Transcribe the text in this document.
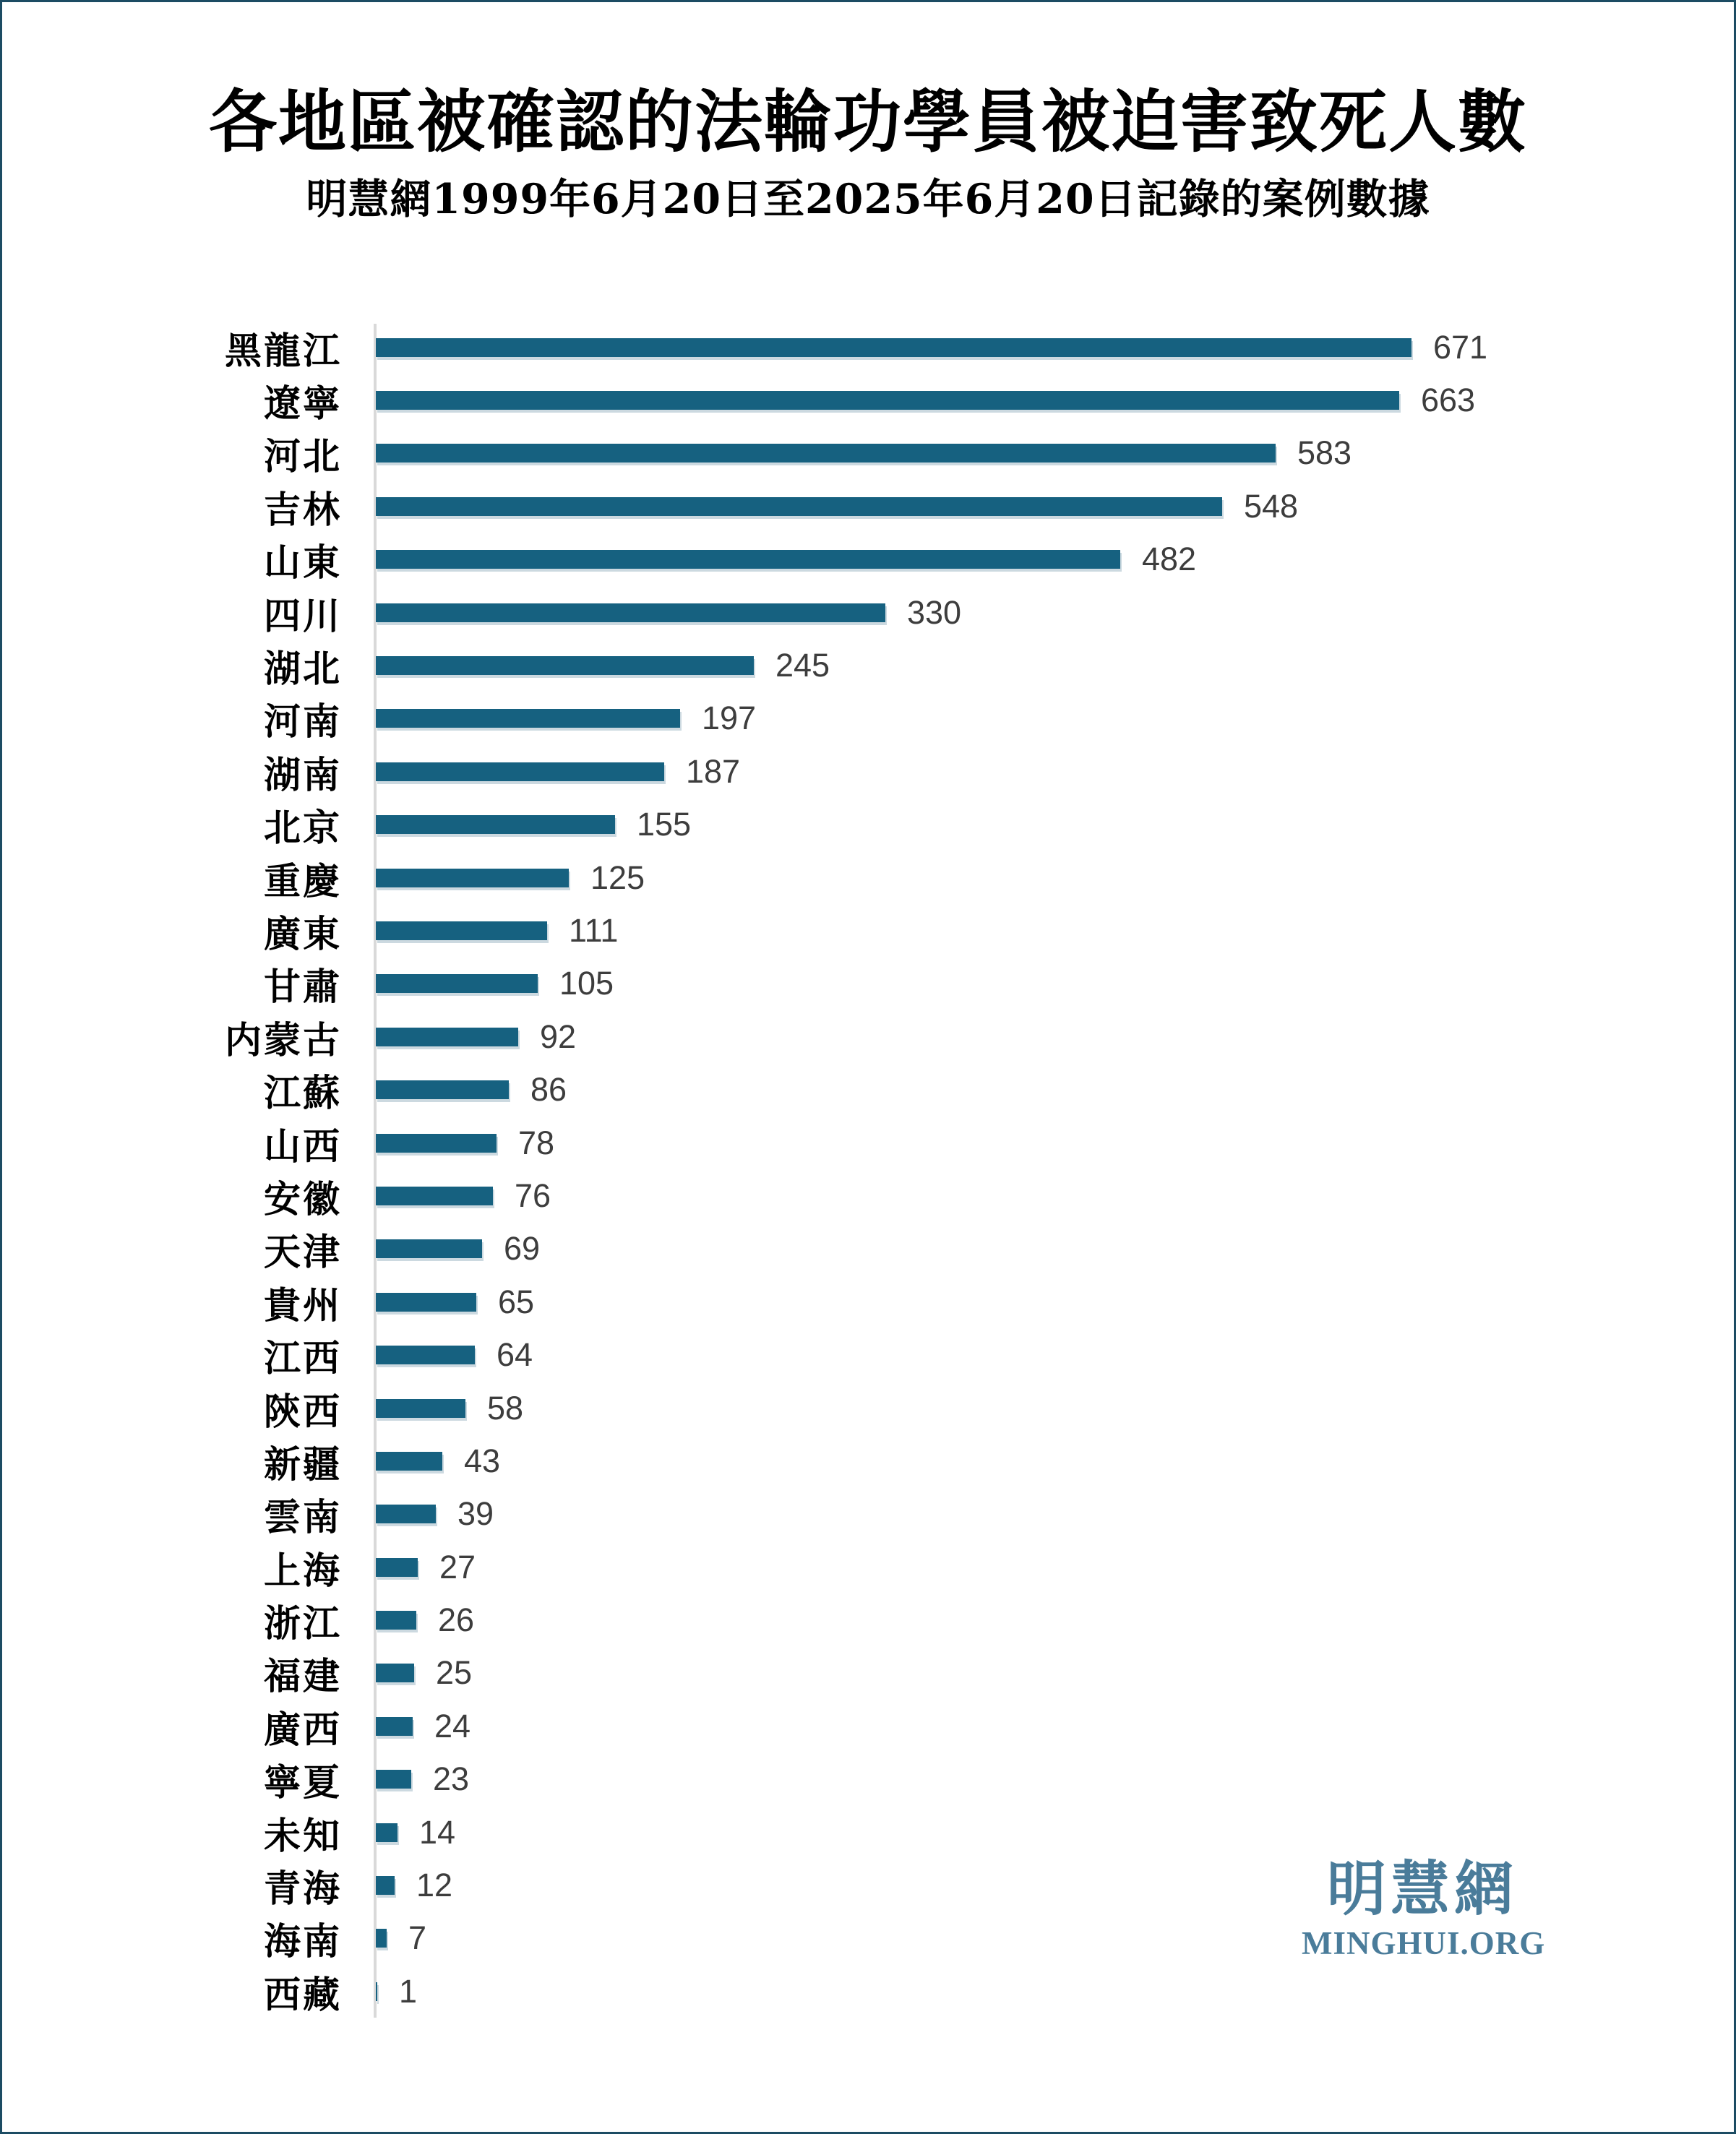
各地區被確認的法輪功學員被迫害致死人數
明慧網1999年6月20日至2025年6月20日記錄的案例數據
黑龍江	671
遼寧	663
河北	583
吉林	548
山東	482
四川	330
湖北	245
河南	197
湖南	187
北京	155
重慶	125
廣東	111
甘肅	105
内蒙古	92
江蘇	86
山西	78
安徽	76
天津	69
貴州	65
江西	64
陝西	58
新疆	43
雲南	39
上海	27
浙江	26
福建	25
廣西	24
寧夏	23
未知 14
青海 12
海南 7
西藏 1
明慧網
MINGHUI.ORG
